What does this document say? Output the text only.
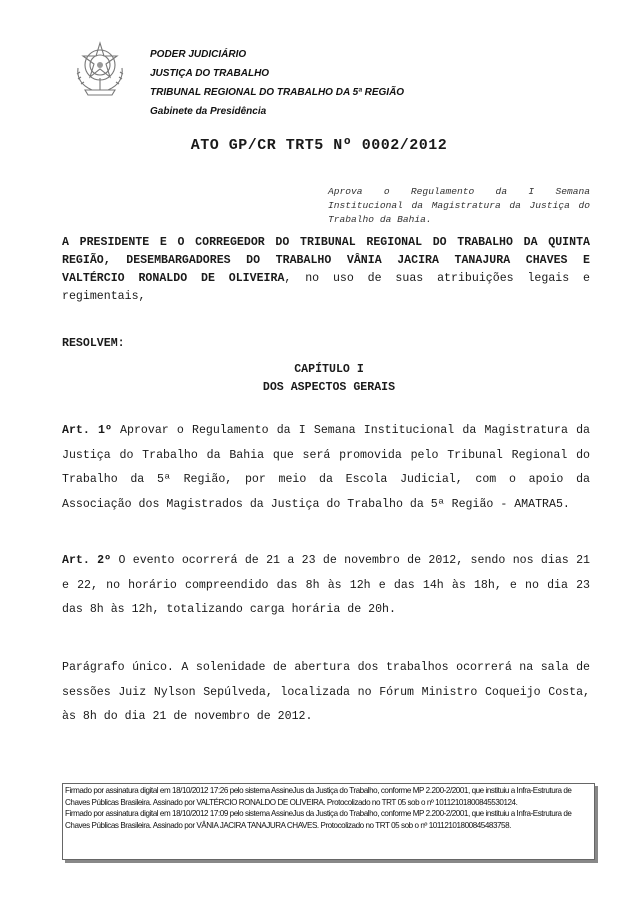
PODER JUDICIÁRIO
JUSTIÇA DO TRABALHO
TRIBUNAL REGIONAL DO TRABALHO DA 5ª REGIÃO
Gabinete da Presidência
ATO GP/CR TRT5 Nº 0002/2012
Aprova o Regulamento da I Semana Institucional da Magistratura da Justiça do Trabalho da Bahia.
A PRESIDENTE E O CORREGEDOR DO TRIBUNAL REGIONAL DO TRABALHO DA QUINTA REGIÃO, DESEMBARGADORES DO TRABALHO VÂNIA JACIRA TANAJURA CHAVES E VALTÉRCIO RONALDO DE OLIVEIRA, no uso de suas atribuições legais e regimentais,
RESOLVEM:
CAPÍTULO I
DOS ASPECTOS GERAIS
Art. 1º Aprovar o Regulamento da I Semana Institucional da Magistratura da Justiça do Trabalho da Bahia que será promovida pelo Tribunal Regional do Trabalho da 5ª Região, por meio da Escola Judicial, com o apoio da Associação dos Magistrados da Justiça do Trabalho da 5ª Região - AMATRA5.
Art. 2º O evento ocorrerá de 21 a 23 de novembro de 2012, sendo nos dias 21 e 22, no horário compreendido das 8h às 12h e das 14h às 18h, e no dia 23 das 8h às 12h, totalizando carga horária de 20h.
Parágrafo único. A solenidade de abertura dos trabalhos ocorrerá na sala de sessões Juiz Nylson Sepúlveda, localizada no Fórum Ministro Coqueijo Costa, às 8h do dia 21 de novembro de 2012.
Firmado por assinatura digital em 18/10/2012 17:26 pelo sistema AssineJus da Justiça do Trabalho, conforme MP 2.200-2/2001, que instituiu a Infra-Estrutura de Chaves Públicas Brasileira. Assinado por VALTÉRCIO RONALDO DE OLIVEIRA. Protocolizado no TRT 05 sob o nº 10112101800845530124.
Firmado por assinatura digital em 18/10/2012 17:09 pelo sistema AssineJus da Justiça do Trabalho, conforme MP 2.200-2/2001, que instituiu a Infra-Estrutura de Chaves Públicas Brasileira. Assinado por VÂNIA JACIRA TANAJURA CHAVES. Protocolizado no TRT 05 sob o nº 10112101800845483758.
